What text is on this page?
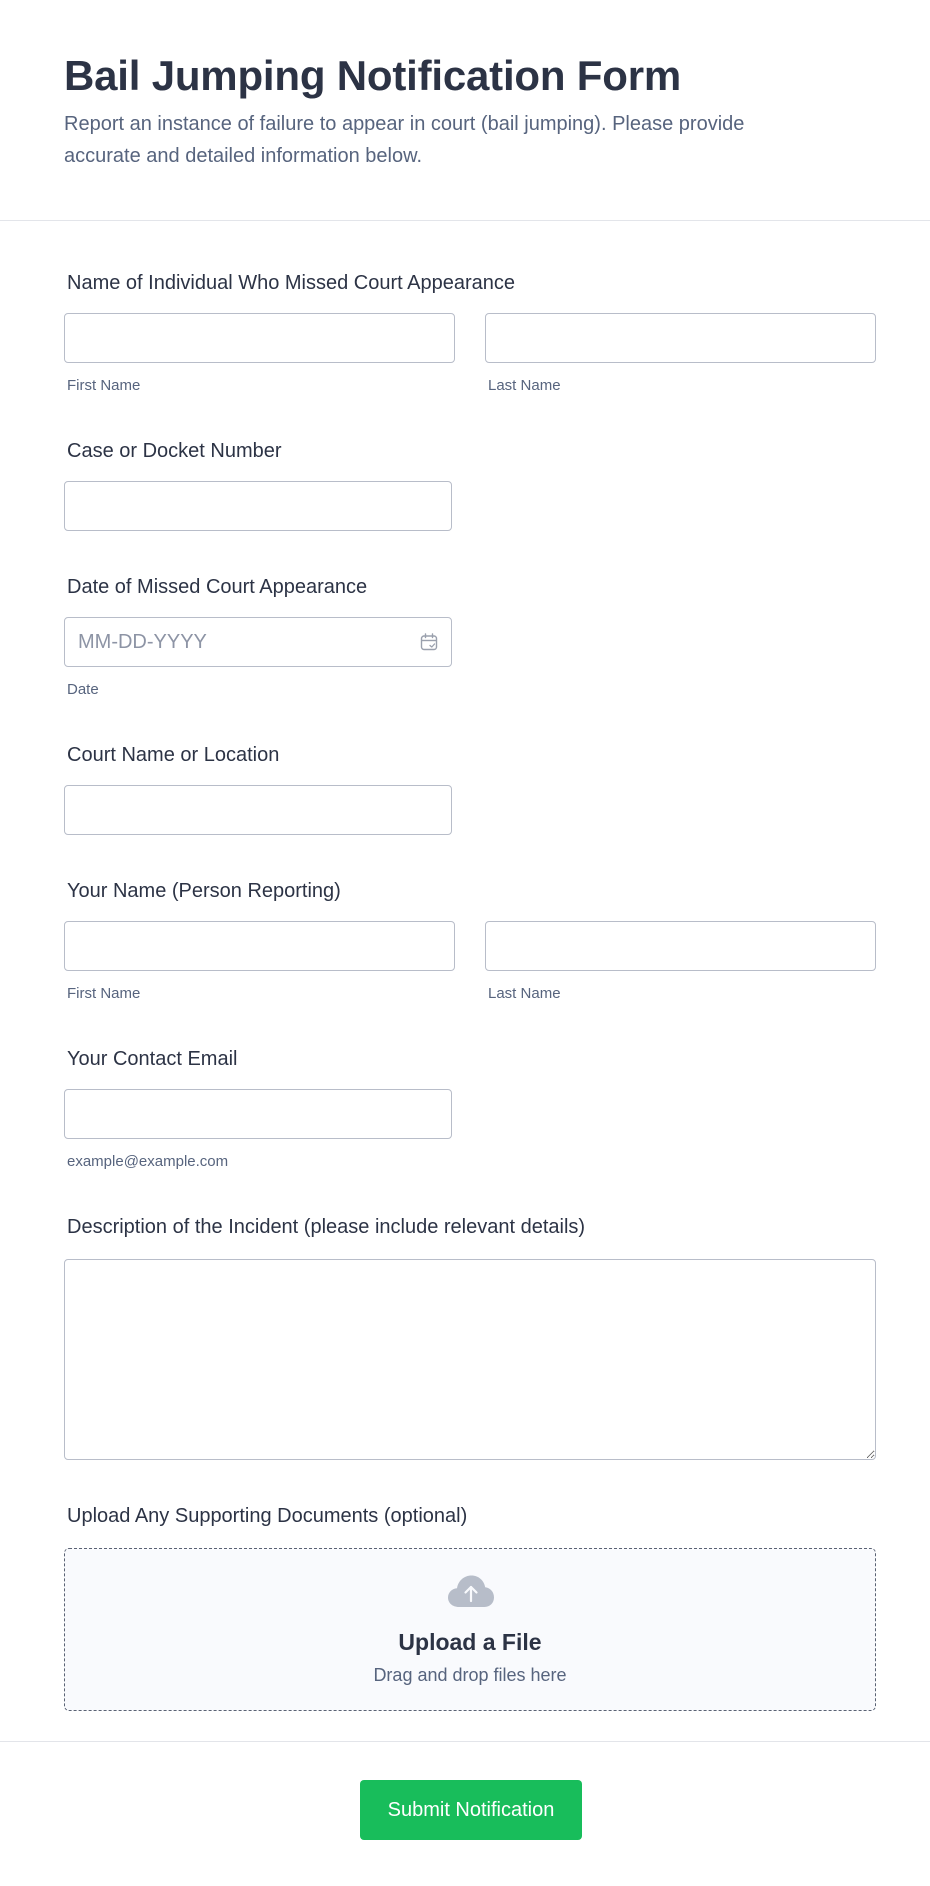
Bail Jumping Notification Form

Report an instance of failure to appear in court (bail jumping). Please provide accurate and detailed information below.

Name of Individual Who Missed Court Appearance
First Name	Last Name
Case or Docket Number
Date of Missed Court Appearance
MM-DD-YYYY
Date
Court Name or Location
Your Name (Person Reporting)
First Name	Last Name
Your Contact Email
example@example.com
Description of the Incident (please include relevant details)
Upload Any Supporting Documents (optional)
Upload a File
Drag and drop files here
Submit Notification
